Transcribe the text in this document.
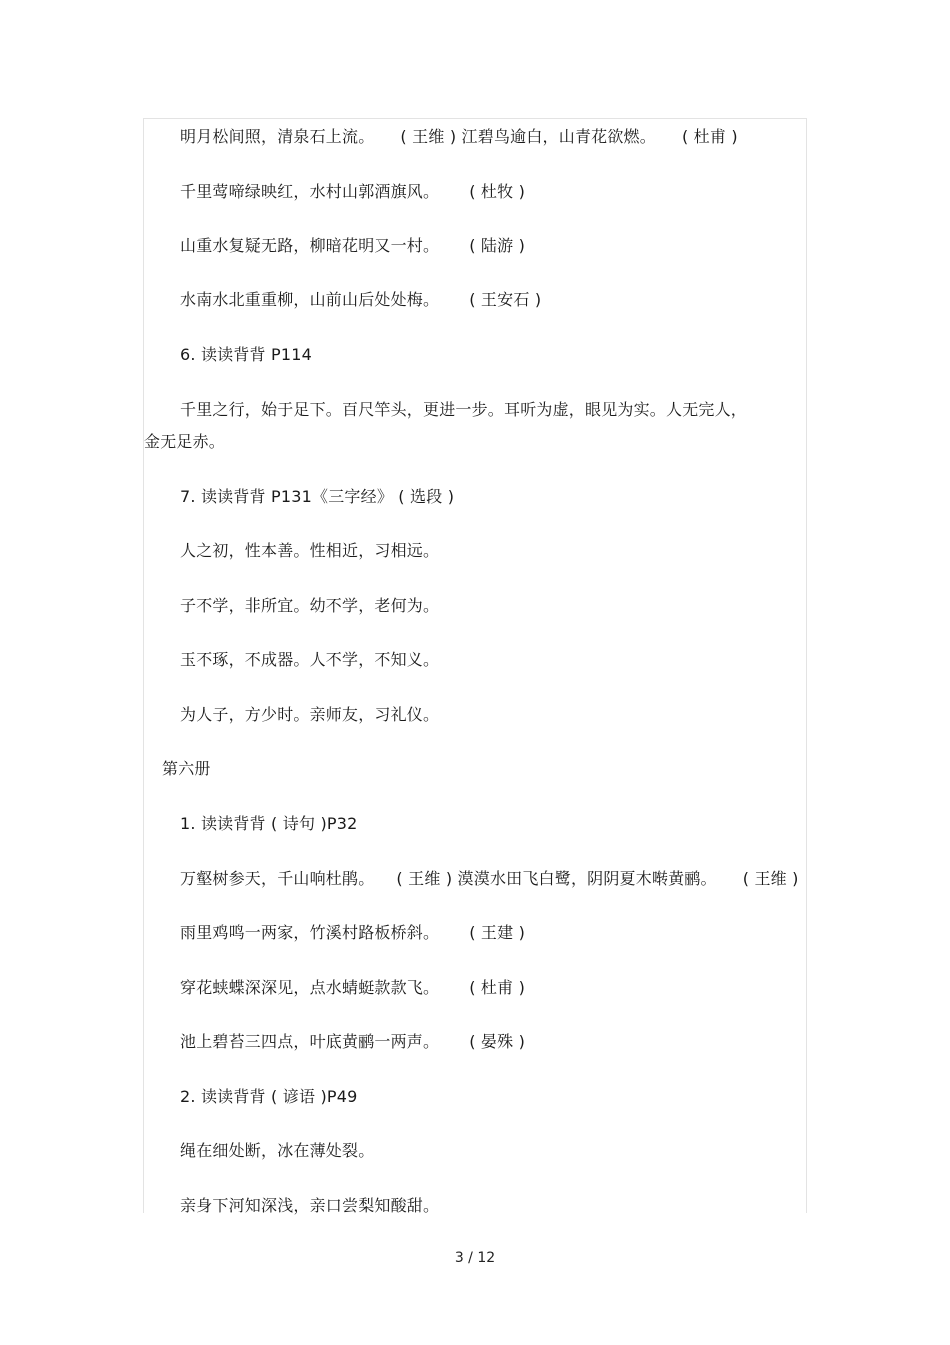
明月松间照，清泉石上流。 ( 王维 ) 江碧鸟逾白，山青花欲燃。 ( 杜甫 )
千里莺啼绿映红，水村山郭酒旗风。 ( 杜牧 )
山重水复疑无路，柳暗花明又一村。 ( 陆游 )
水南水北重重柳，山前山后处处梅。 ( 王安石 )
6. 读读背背 P114
千里之行，始于足下。百尺竿头，更进一步。耳听为虚，眼见为实。人无完人，
金无足赤。
7. 读读背背 P131《三字经》 ( 选段 )
人之初，性本善。性相近，习相远。
子不学，非所宜。幼不学，老何为。
玉不琢，不成器。人不学，不知义。
为人子，方少时。亲师友，习礼仪。
第六册
1. 读读背背 ( 诗句 )P32
万壑树参天，千山响杜鹃。 ( 王维 ) 漠漠水田飞白鹭，阴阴夏木啭黄鹂。 ( 王维 )
雨里鸡鸣一两家，竹溪村路板桥斜。 ( 王建 )
穿花蛱蝶深深见，点水蜻蜓款款飞。 ( 杜甫 )
池上碧苔三四点，叶底黄鹂一两声。 ( 晏殊 )
2. 读读背背 ( 谚语 )P49
绳在细处断，冰在薄处裂。
亲身下河知深浅，亲口尝梨知酸甜。
3 / 12
